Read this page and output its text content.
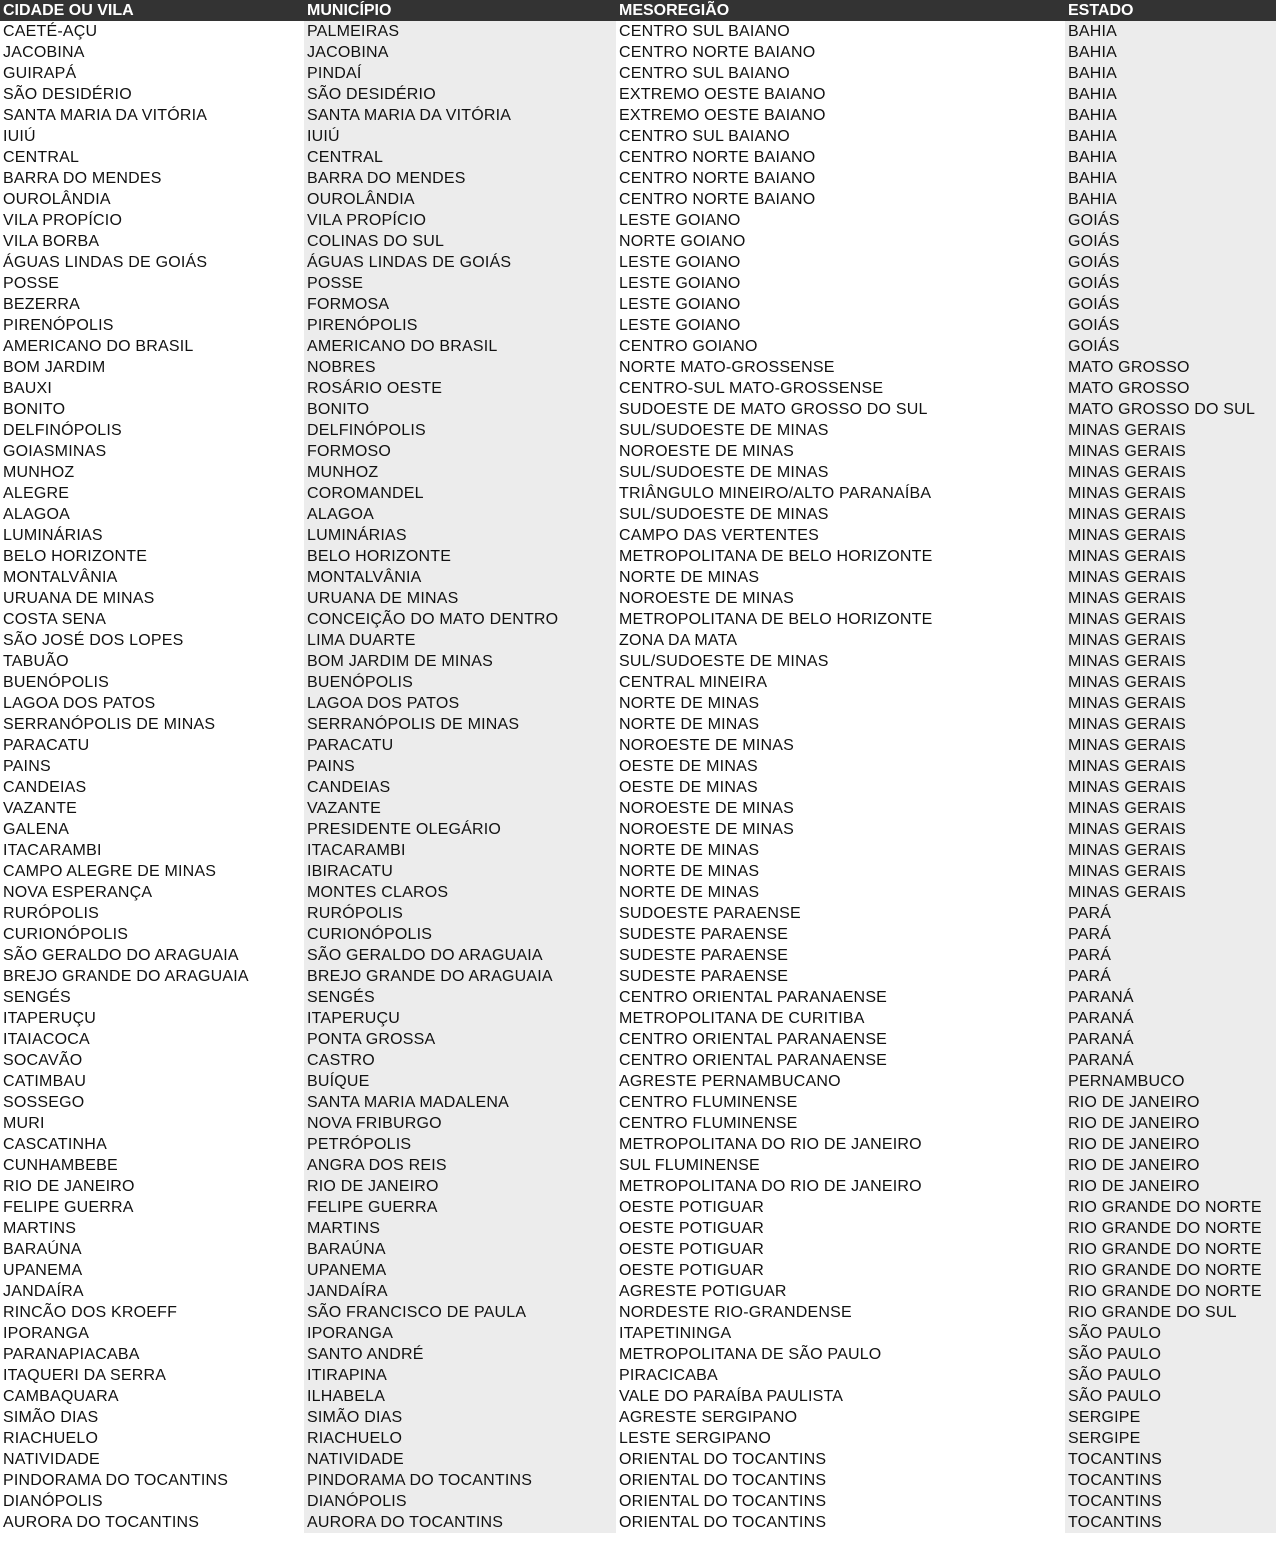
CIDADE OU VILA	MUNICÍPIO	MESOREGIÃO	ESTADO
CAETÉ-AÇU	PALMEIRAS	CENTRO SUL BAIANO	BAHIA
JACOBINA	JACOBINA	CENTRO NORTE BAIANO	BAHIA
GUIRAPÁ	PINDAÍ	CENTRO SUL BAIANO	BAHIA
SÃO DESIDÉRIO	SÃO DESIDÉRIO	EXTREMO OESTE BAIANO	BAHIA
SANTA MARIA DA VITÓRIA	SANTA MARIA DA VITÓRIA	EXTREMO OESTE BAIANO	BAHIA
IUIÚ	IUIÚ	CENTRO SUL BAIANO	BAHIA
CENTRAL	CENTRAL	CENTRO NORTE BAIANO	BAHIA
BARRA DO MENDES	BARRA DO MENDES	CENTRO NORTE BAIANO	BAHIA
OUROLÂNDIA	OUROLÂNDIA	CENTRO NORTE BAIANO	BAHIA
VILA PROPÍCIO	VILA PROPÍCIO	LESTE GOIANO	GOIÁS
VILA BORBA	COLINAS DO SUL	NORTE GOIANO	GOIÁS
ÁGUAS LINDAS DE GOIÁS	ÁGUAS LINDAS DE GOIÁS	LESTE GOIANO	GOIÁS
POSSE	POSSE	LESTE GOIANO	GOIÁS
BEZERRA	FORMOSA	LESTE GOIANO	GOIÁS
PIRENÓPOLIS	PIRENÓPOLIS	LESTE GOIANO	GOIÁS
AMERICANO DO BRASIL	AMERICANO DO BRASIL	CENTRO GOIANO	GOIÁS
BOM JARDIM	NOBRES	NORTE MATO-GROSSENSE	MATO GROSSO
BAUXI	ROSÁRIO OESTE	CENTRO-SUL MATO-GROSSENSE	MATO GROSSO
BONITO	BONITO	SUDOESTE DE MATO GROSSO DO SUL	MATO GROSSO DO SUL
DELFINÓPOLIS	DELFINÓPOLIS	SUL/SUDOESTE DE MINAS	MINAS GERAIS
GOIASMINAS	FORMOSO	NOROESTE DE MINAS	MINAS GERAIS
MUNHOZ	MUNHOZ	SUL/SUDOESTE DE MINAS	MINAS GERAIS
ALEGRE	COROMANDEL	TRIÂNGULO MINEIRO/ALTO PARANAÍBA	MINAS GERAIS
ALAGOA	ALAGOA	SUL/SUDOESTE DE MINAS	MINAS GERAIS
LUMINÁRIAS	LUMINÁRIAS	CAMPO DAS VERTENTES	MINAS GERAIS
BELO HORIZONTE	BELO HORIZONTE	METROPOLITANA DE BELO HORIZONTE	MINAS GERAIS
MONTALVÂNIA	MONTALVÂNIA	NORTE DE MINAS	MINAS GERAIS
URUANA DE MINAS	URUANA DE MINAS	NOROESTE DE MINAS	MINAS GERAIS
COSTA SENA	CONCEIÇÃO DO MATO DENTRO	METROPOLITANA DE BELO HORIZONTE	MINAS GERAIS
SÃO JOSÉ DOS LOPES	LIMA DUARTE	ZONA DA MATA	MINAS GERAIS
TABUÃO	BOM JARDIM DE MINAS	SUL/SUDOESTE DE MINAS	MINAS GERAIS
BUENÓPOLIS	BUENÓPOLIS	CENTRAL MINEIRA	MINAS GERAIS
LAGOA DOS PATOS	LAGOA DOS PATOS	NORTE DE MINAS	MINAS GERAIS
SERRANÓPOLIS DE MINAS	SERRANÓPOLIS DE MINAS	NORTE DE MINAS	MINAS GERAIS
PARACATU	PARACATU	NOROESTE DE MINAS	MINAS GERAIS
PAINS	PAINS	OESTE DE MINAS	MINAS GERAIS
CANDEIAS	CANDEIAS	OESTE DE MINAS	MINAS GERAIS
VAZANTE	VAZANTE	NOROESTE DE MINAS	MINAS GERAIS
GALENA	PRESIDENTE OLEGÁRIO	NOROESTE DE MINAS	MINAS GERAIS
ITACARAMBI	ITACARAMBI	NORTE DE MINAS	MINAS GERAIS
CAMPO ALEGRE DE MINAS	IBIRACATU	NORTE DE MINAS	MINAS GERAIS
NOVA ESPERANÇA	MONTES CLAROS	NORTE DE MINAS	MINAS GERAIS
RURÓPOLIS	RURÓPOLIS	SUDOESTE PARAENSE	PARÁ
CURIONÓPOLIS	CURIONÓPOLIS	SUDESTE PARAENSE	PARÁ
SÃO GERALDO DO ARAGUAIA	SÃO GERALDO DO ARAGUAIA	SUDESTE PARAENSE	PARÁ
BREJO GRANDE DO ARAGUAIA	BREJO GRANDE DO ARAGUAIA	SUDESTE PARAENSE	PARÁ
SENGÉS	SENGÉS	CENTRO ORIENTAL PARANAENSE	PARANÁ
ITAPERUÇU	ITAPERUÇU	METROPOLITANA DE CURITIBA	PARANÁ
ITAIACOCA	PONTA GROSSA	CENTRO ORIENTAL PARANAENSE	PARANÁ
SOCAVÃO	CASTRO	CENTRO ORIENTAL PARANAENSE	PARANÁ
CATIMBAU	BUÍQUE	AGRESTE PERNAMBUCANO	PERNAMBUCO
SOSSEGO	SANTA MARIA MADALENA	CENTRO FLUMINENSE	RIO DE JANEIRO
MURI	NOVA FRIBURGO	CENTRO FLUMINENSE	RIO DE JANEIRO
CASCATINHA	PETRÓPOLIS	METROPOLITANA DO RIO DE JANEIRO	RIO DE JANEIRO
CUNHAMBEBE	ANGRA DOS REIS	SUL FLUMINENSE	RIO DE JANEIRO
RIO DE JANEIRO	RIO DE JANEIRO	METROPOLITANA DO RIO DE JANEIRO	RIO DE JANEIRO
FELIPE GUERRA	FELIPE GUERRA	OESTE POTIGUAR	RIO GRANDE DO NORTE
MARTINS	MARTINS	OESTE POTIGUAR	RIO GRANDE DO NORTE
BARAÚNA	BARAÚNA	OESTE POTIGUAR	RIO GRANDE DO NORTE
UPANEMA	UPANEMA	OESTE POTIGUAR	RIO GRANDE DO NORTE
JANDAÍRA	JANDAÍRA	AGRESTE POTIGUAR	RIO GRANDE DO NORTE
RINCÃO DOS KROEFF	SÃO FRANCISCO DE PAULA	NORDESTE RIO-GRANDENSE	RIO GRANDE DO SUL
IPORANGA	IPORANGA	ITAPETININGA	SÃO PAULO
PARANAPIACABA	SANTO ANDRÉ	METROPOLITANA DE SÃO PAULO	SÃO PAULO
ITAQUERI DA SERRA	ITIRAPINA	PIRACICABA	SÃO PAULO
CAMBAQUARA	ILHABELA	VALE DO PARAÍBA PAULISTA	SÃO PAULO
SIMÃO DIAS	SIMÃO DIAS	AGRESTE SERGIPANO	SERGIPE
RIACHUELO	RIACHUELO	LESTE SERGIPANO	SERGIPE
NATIVIDADE	NATIVIDADE	ORIENTAL DO TOCANTINS	TOCANTINS
PINDORAMA DO TOCANTINS	PINDORAMA DO TOCANTINS	ORIENTAL DO TOCANTINS	TOCANTINS
DIANÓPOLIS	DIANÓPOLIS	ORIENTAL DO TOCANTINS	TOCANTINS
AURORA DO TOCANTINS	AURORA DO TOCANTINS	ORIENTAL DO TOCANTINS	TOCANTINS
